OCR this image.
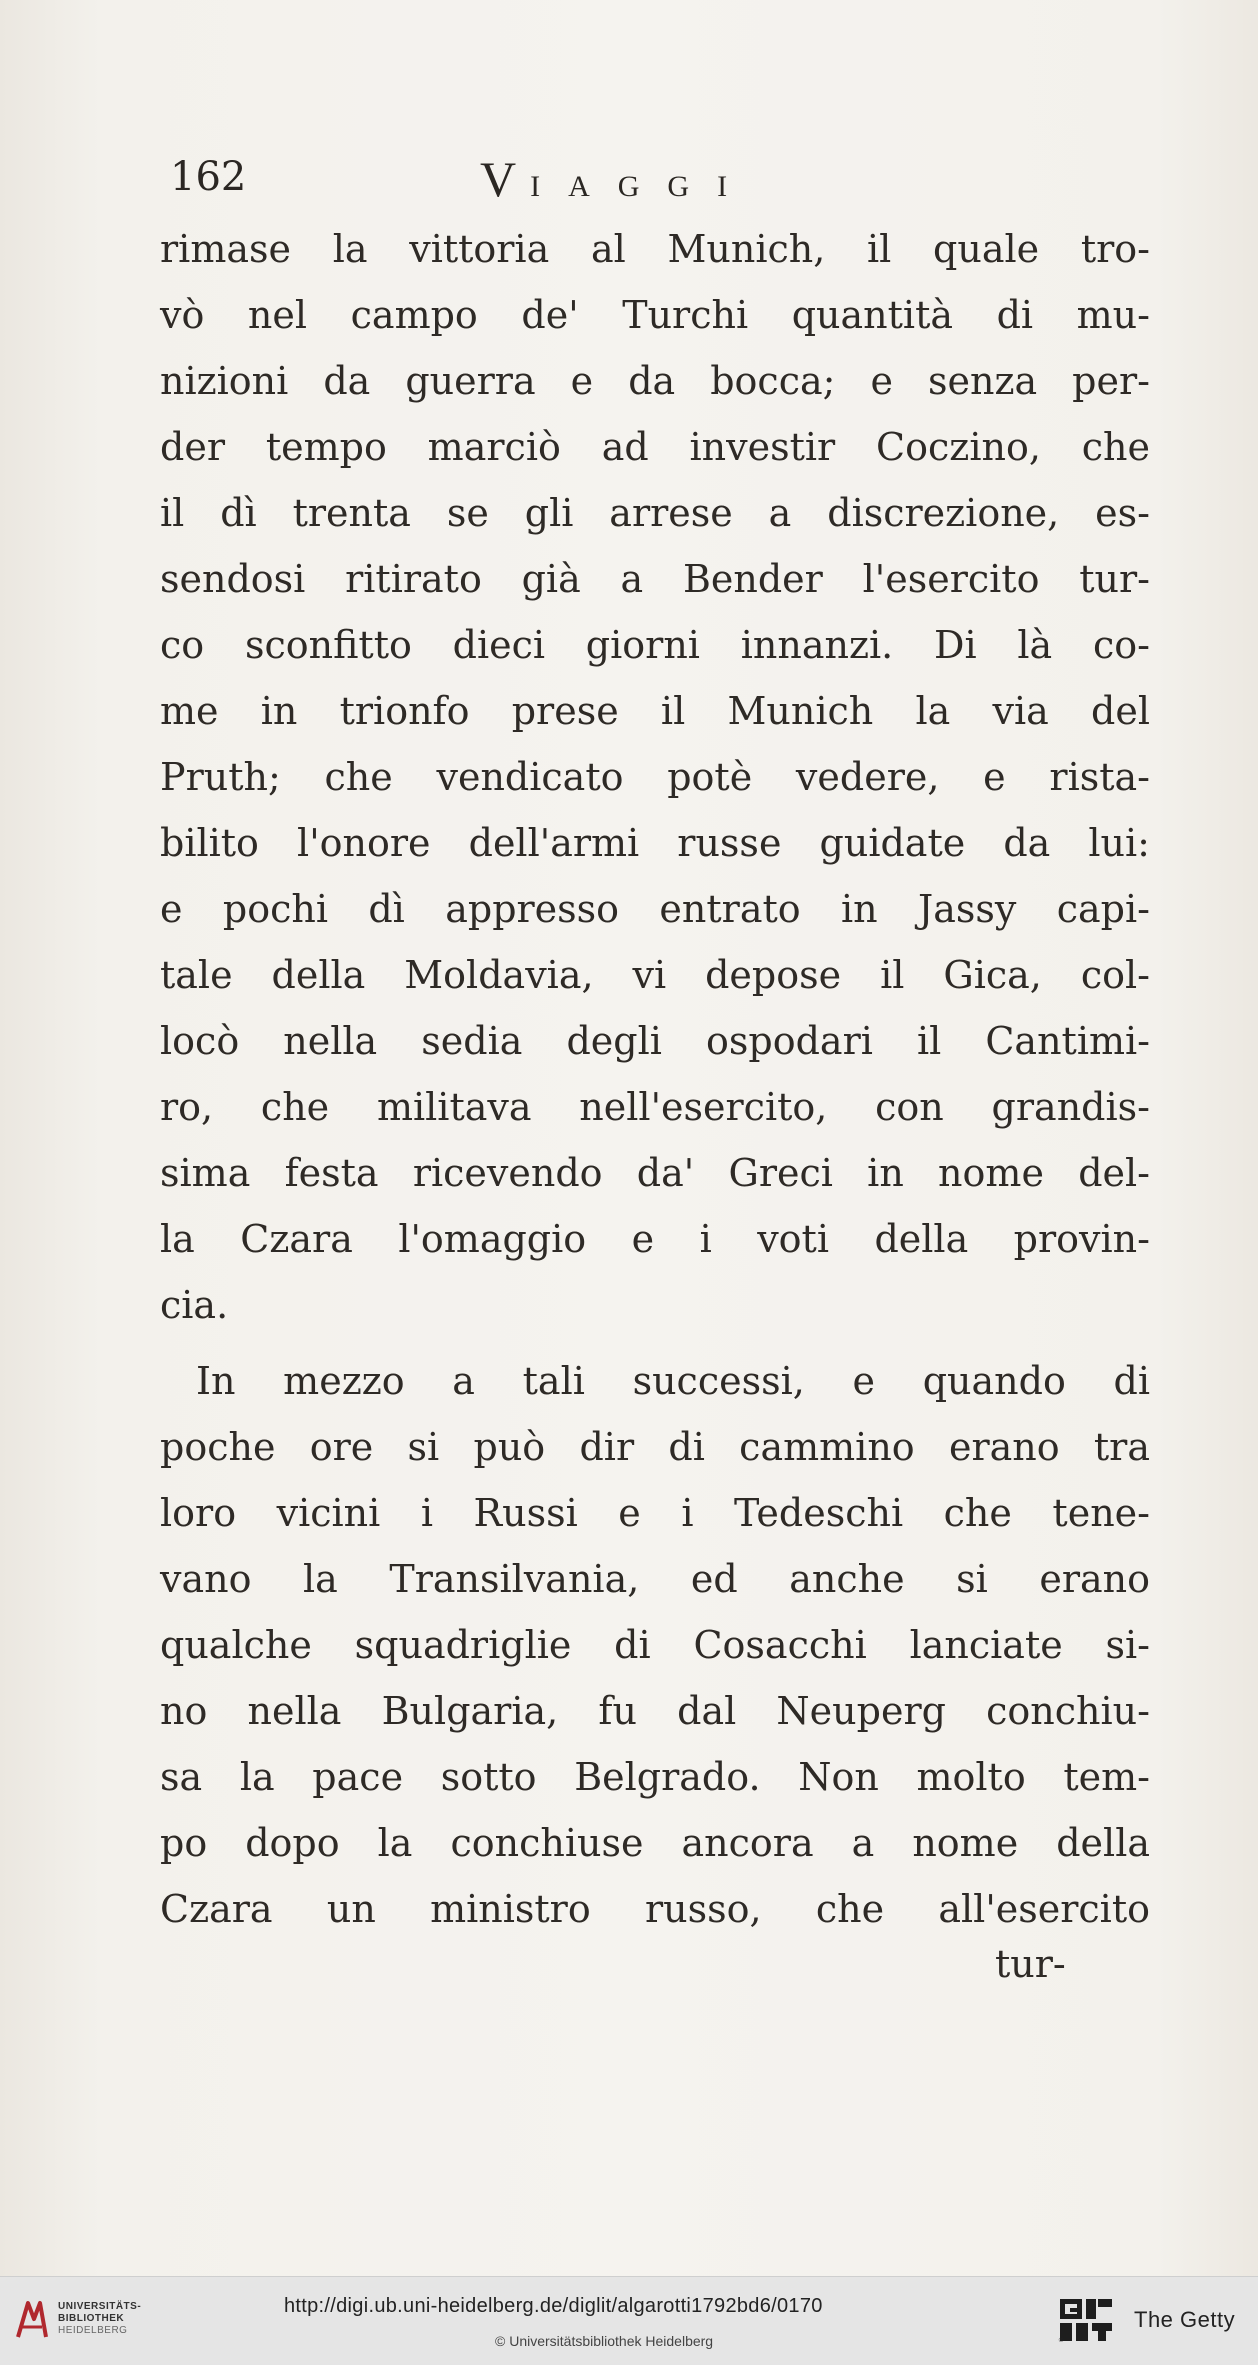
162	VIAGGI
rimase la vittoria al Munich, il quale tro-
vò nel campo de' Turchi quantità di mu-
nizioni da guerra e da bocca; e senza per-
der tempo marciò ad investir Coczino, che
il dì trenta se gli arrese a discrezione, es-
sendosi ritirato già a Bender l'esercito tur-
co sconfitto dieci giorni innanzi. Di là co-
me in trionfo prese il Munich la via del
Pruth; che vendicato potè vedere, e rista-
bilito l'onore dell'armi russe guidate da lui:
e pochi dì appresso entrato in Jassy capi-
tale della Moldavia, vi depose il Gica, col-
locò nella sedia degli ospodari il Cantimi-
ro, che militava nell'esercito, con grandis-
sima festa ricevendo da' Greci in nome del-
la Czara l'omaggio e i voti della provin-
cia.
In mezzo a tali successi, e quando di
poche ore si può dir di cammino erano tra
loro vicini i Russi e i Tedeschi che tene-
vano la Transilvania, ed anche si erano
qualche squadriglie di Cosacchi lanciate si-
no nella Bulgaria, fu dal Neuperg conchiu-
sa la pace sotto Belgrado. Non molto tem-
po dopo la conchiuse ancora a nome della
Czara un ministro russo, che all'esercito
tur-
UNIVERSITÄTS-
BIBLIOTHEK
HEIDELBERG
http://digi.ub.uni-heidelberg.de/diglit/algarotti1792bd6/0170
© Universitätsbibliothek Heidelberg	®
The Getty
